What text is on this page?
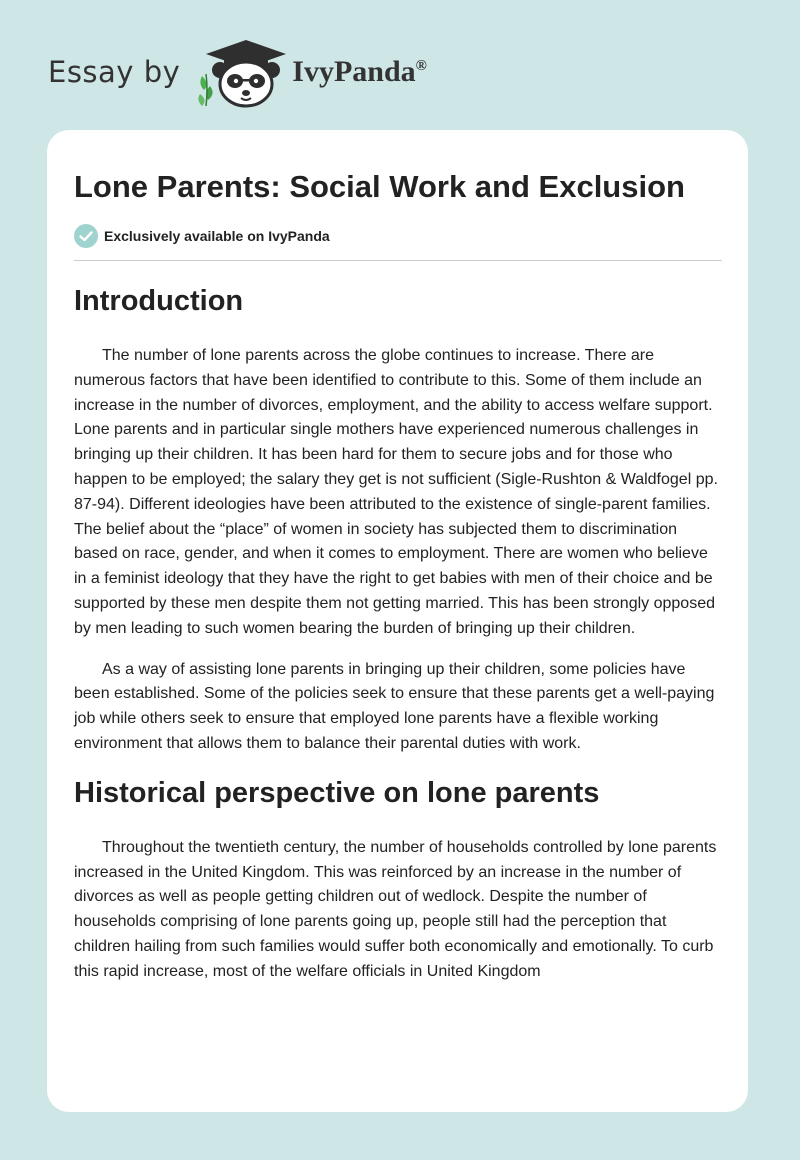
Essay by	IvyPanda®
Lone Parents: Social Work and Exclusion
Exclusively available on IvyPanda
Introduction

The number of lone parents across the globe continues to increase. There are numerous factors that have been identified to contribute to this. Some of them include an increase in the number of divorces, employment, and the ability to access welfare support. Lone parents and in particular single mothers have experienced numerous challenges in bringing up their children. It has been hard for them to secure jobs and for those who happen to be employed; the salary they get is not sufficient (Sigle-Rushton & Waldfogel pp. 87-94). Different ideologies have been attributed to the existence of single-parent families. The belief about the “place” of women in society has subjected them to discrimination based on race, gender, and when it comes to employment. There are women who believe in a feminist ideology that they have the right to get babies with men of their choice and be supported by these men despite them not getting married. This has been strongly opposed by men leading to such women bearing the burden of bringing up their children.

As a way of assisting lone parents in bringing up their children, some policies have been established. Some of the policies seek to ensure that these parents get a well-paying job while others seek to ensure that employed lone parents have a flexible working environment that allows them to balance their parental duties with work.

Historical perspective on lone parents

Throughout the twentieth century, the number of households controlled by lone parents increased in the United Kingdom. This was reinforced by an increase in the number of divorces as well as people getting children out of wedlock. Despite the number of households comprising of lone parents going up, people still had the perception that children hailing from such families would suffer both economically and emotionally. To curb this rapid increase, most of the welfare officials in United Kingdom
